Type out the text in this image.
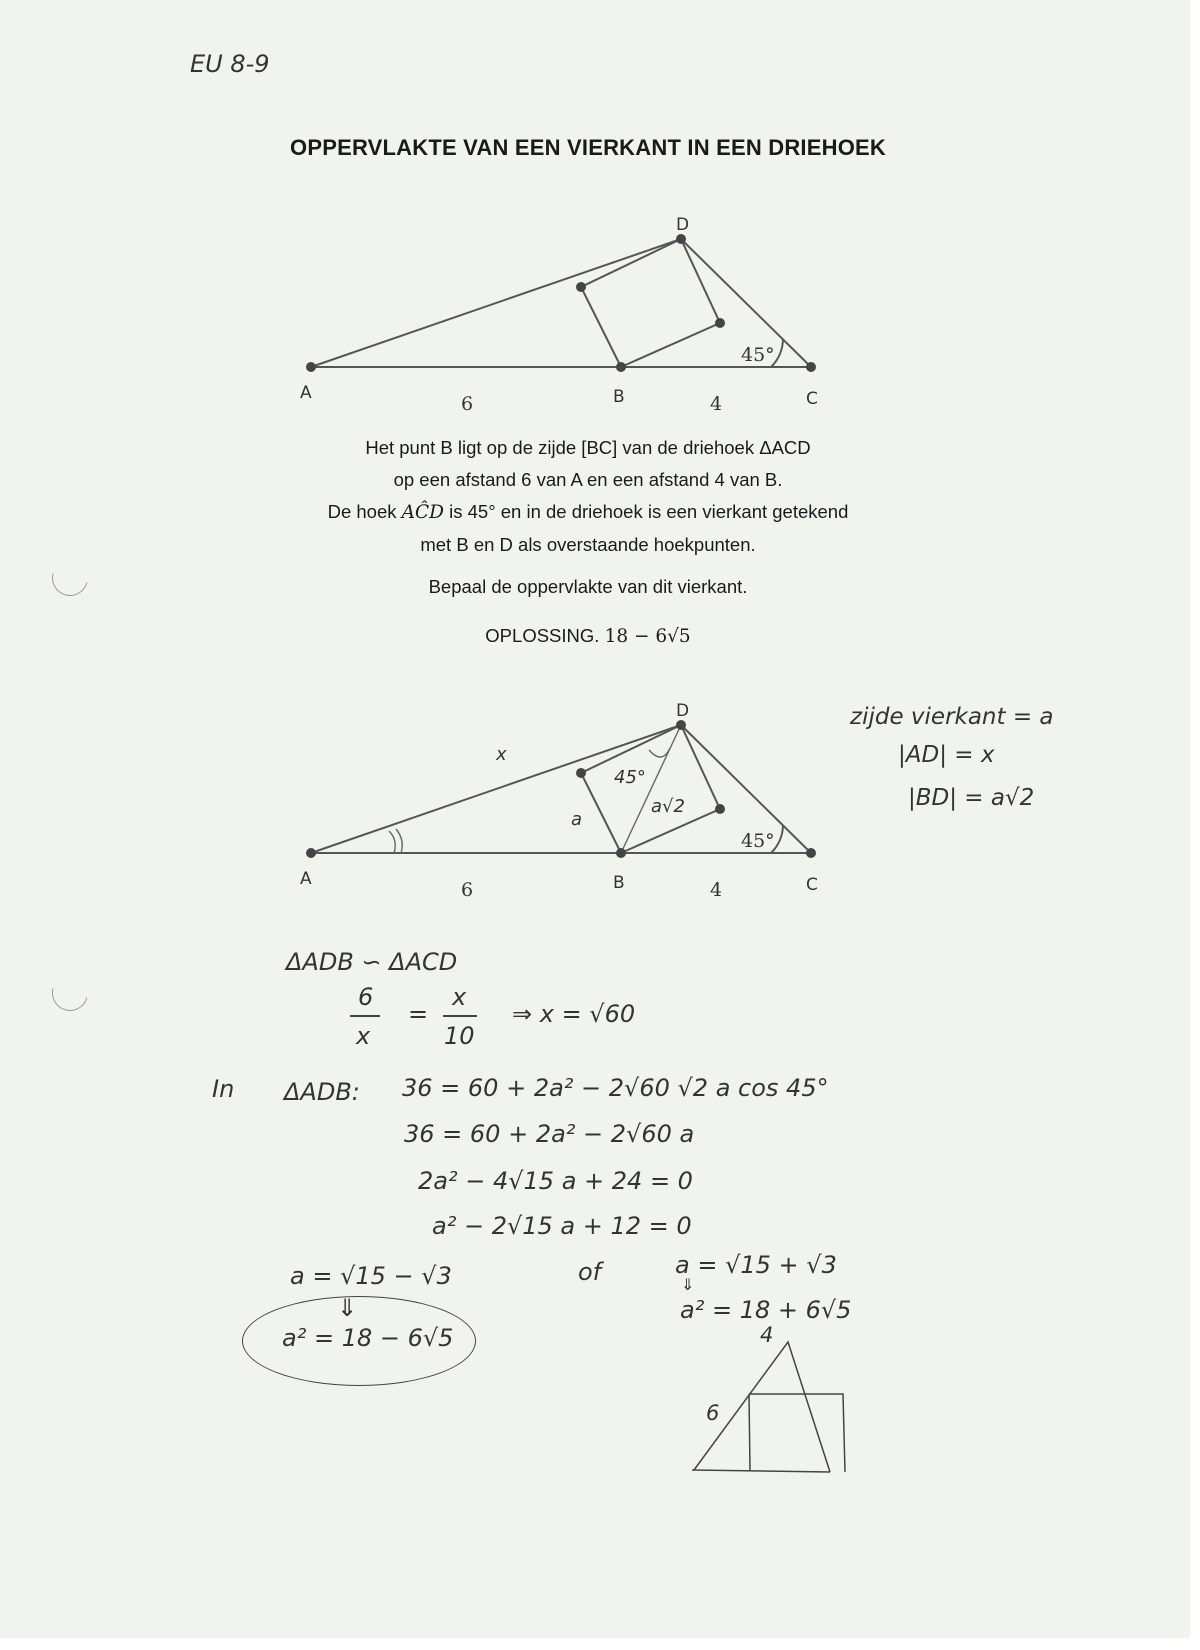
EU 8-9
OPPERVLAKTE VAN EEN VIERKANT IN EEN DRIEHOEK
A	B	C
D
6	4
45°
Het punt B ligt op de zijde [BC] van de driehoek ΔACD
op een afstand 6 van A en een afstand 4 van B.
De hoek AĈD is 45° en in de driehoek is een vierkant getekend
met B en D als overstaande hoekpunten.
Bepaal de oppervlakte van dit vierkant.
OPLOSSING. 18 − 6√5
A	B	C
D
6	4
45°
x
a
45°
a√2
zijde vierkant = a
|AD| = x
|BD| = a√2
ΔADB ∽ ΔACD
6
x
=
x
10
⇒ x = √60
In ΔADB: 36 = 60 + 2a² − 2√60 √2 a cos 45°
36 = 60 + 2a² − 2√60 a
2a² − 4√15 a + 24 = 0
a² − 2√15 a + 12 = 0
a = √15 − √3
⇓
a² = 18 − 6√5
of	a = √15 + √3
⇓
a² = 18 + 6√5
4
6
